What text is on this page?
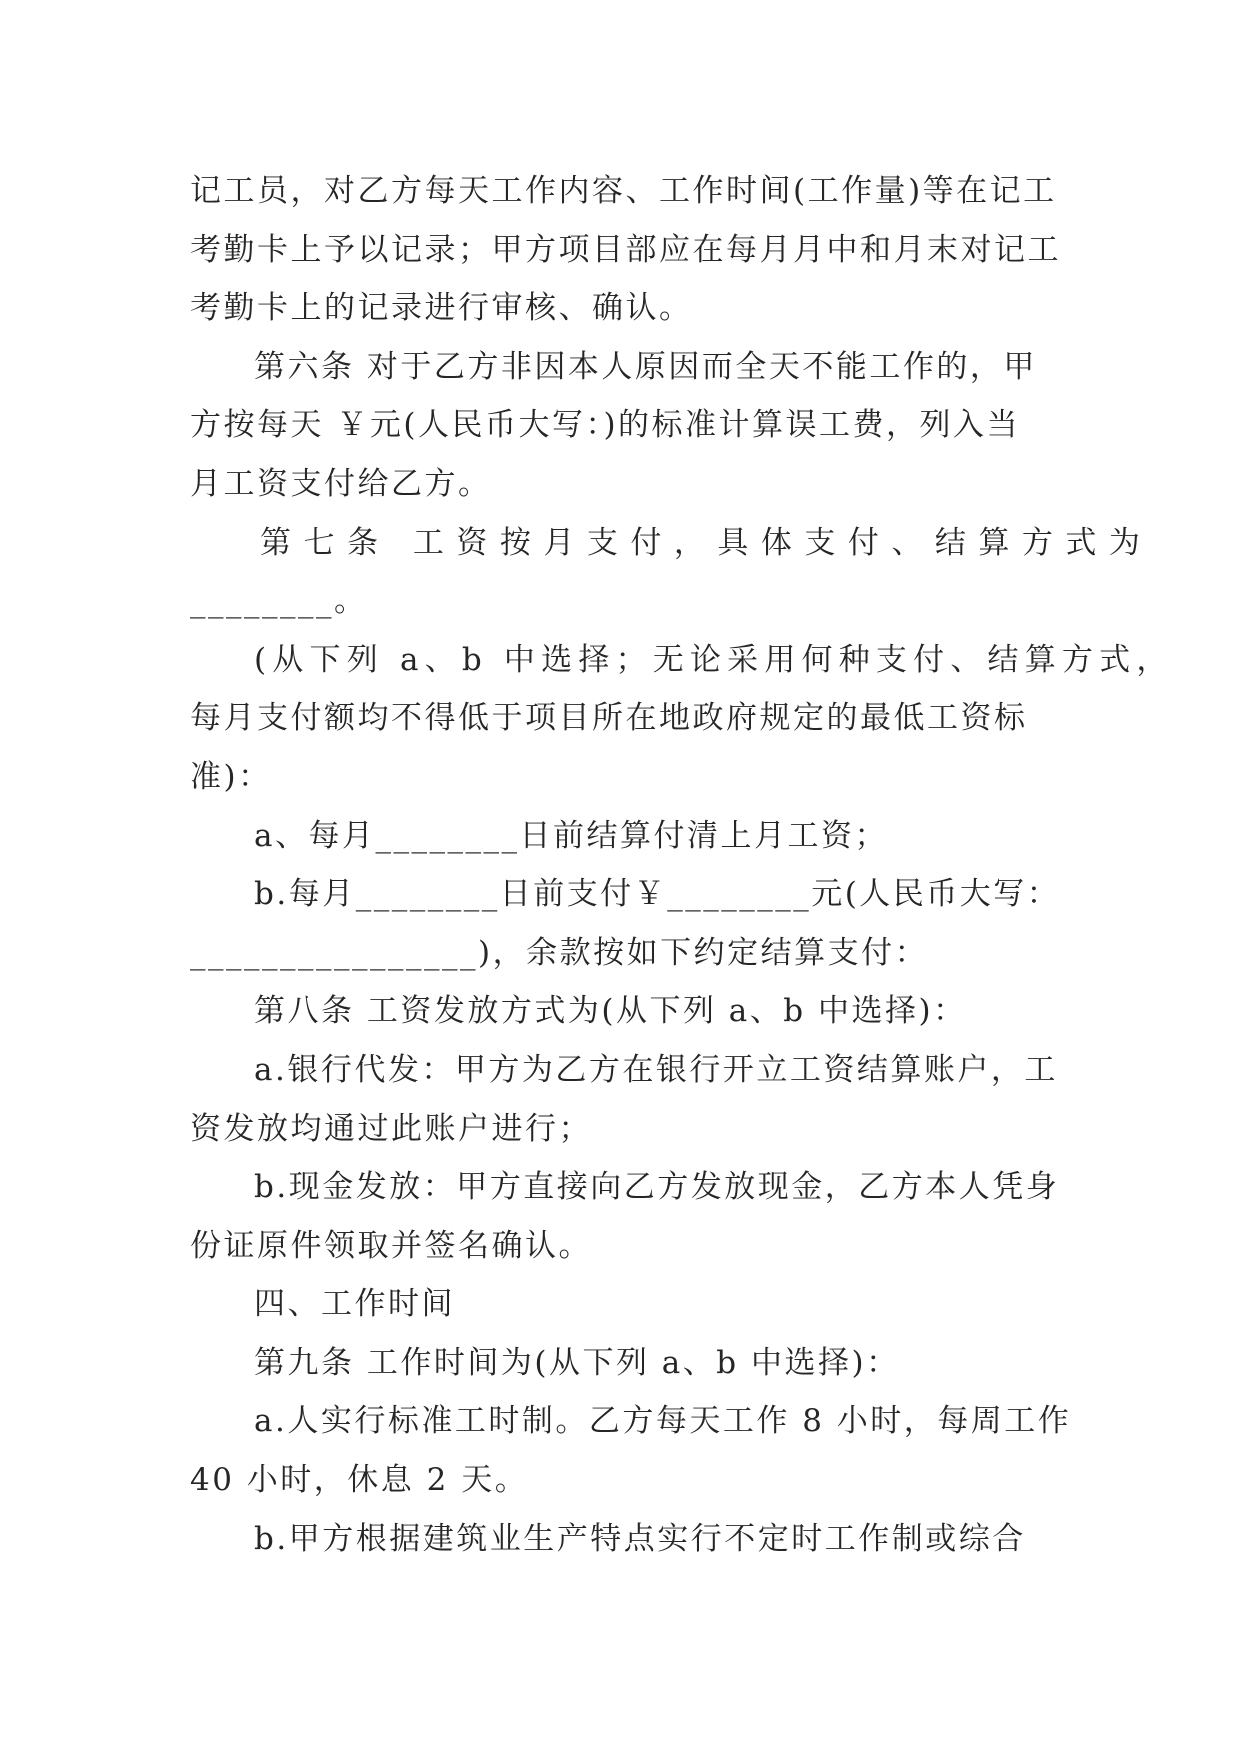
记工员，对乙方每天工作内容、工作时间(工作量)等在记工
考勤卡上予以记录；甲方项目部应在每月月中和月末对记工
考勤卡上的记录进行审核、确认。
第六条 对于乙方非因本人原因而全天不能工作的，甲
方按每天 ￥元(人民币大写：)的标准计算误工费，列入当
月工资支付给乙方。
第七条 工资按月支付，具体支付、结算方式为
________。
(从下列 a、b 中选择；无论采用何种支付、结算方式，
每月支付额均不得低于项目所在地政府规定的最低工资标
准)：
a、每月________日前结算付清上月工资；
b.每月________日前支付￥________元(人民币大写：
________________)，余款按如下约定结算支付：
第八条 工资发放方式为(从下列 a、b 中选择)：
a.银行代发：甲方为乙方在银行开立工资结算账户，工
资发放均通过此账户进行；
b.现金发放：甲方直接向乙方发放现金，乙方本人凭身
份证原件领取并签名确认。
四、工作时间
第九条 工作时间为(从下列 a、b 中选择)：
a.人实行标准工时制。乙方每天工作 8 小时，每周工作
40 小时，休息 2 天。
b.甲方根据建筑业生产特点实行不定时工作制或综合
